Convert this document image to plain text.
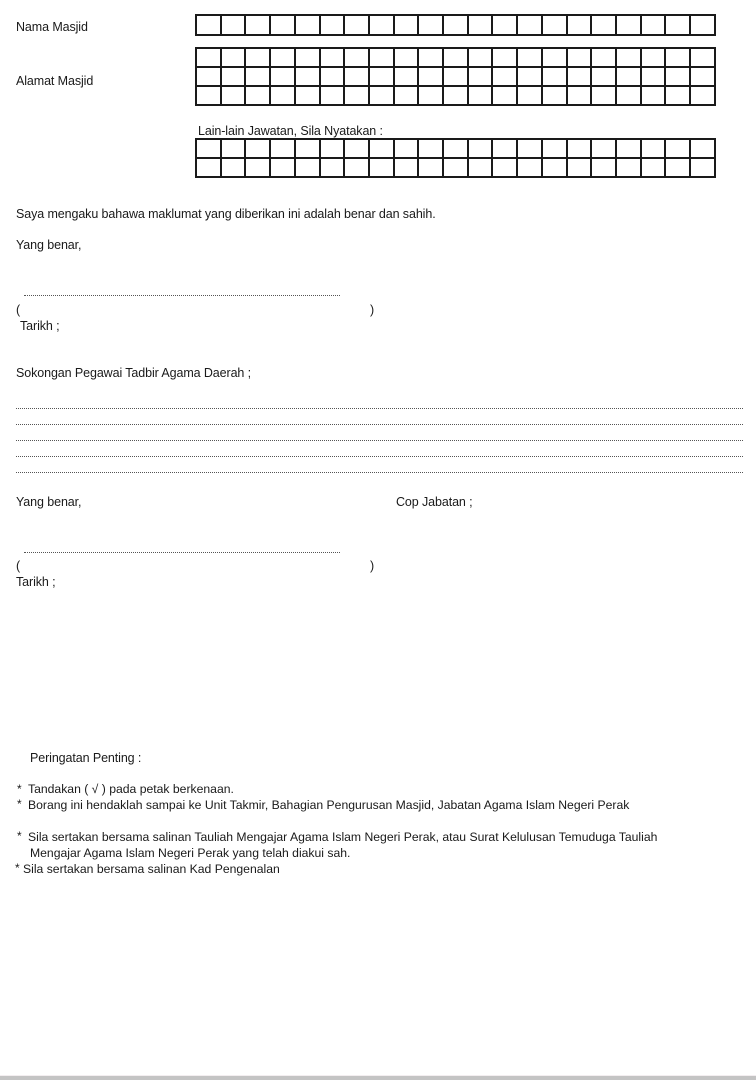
Nama Masjid

Alamat Masjid

Lain-lain Jawatan, Sila Nyatakan :

Saya mengaku bahawa maklumat yang diberikan ini adalah benar dan sahih.
Yang benar,
(	)
Tarikh ;
Sokongan Pegawai Tadbir Agama Daerah ;
Yang benar,	Cop Jabatan ;
(	)
Tarikh ;
Peringatan Penting :
* Tandakan ( √ ) pada petak berkenaan.
* Borang ini hendaklah sampai ke Unit Takmir, Bahagian Pengurusan Masjid, Jabatan Agama Islam Negeri Perak
* Sila sertakan bersama salinan Tauliah Mengajar Agama Islam Negeri Perak, atau Surat Kelulusan Temuduga Tauliah
Mengajar Agama Islam Negeri Perak yang telah diakui sah.
* Sila sertakan bersama salinan Kad Pengenalan
